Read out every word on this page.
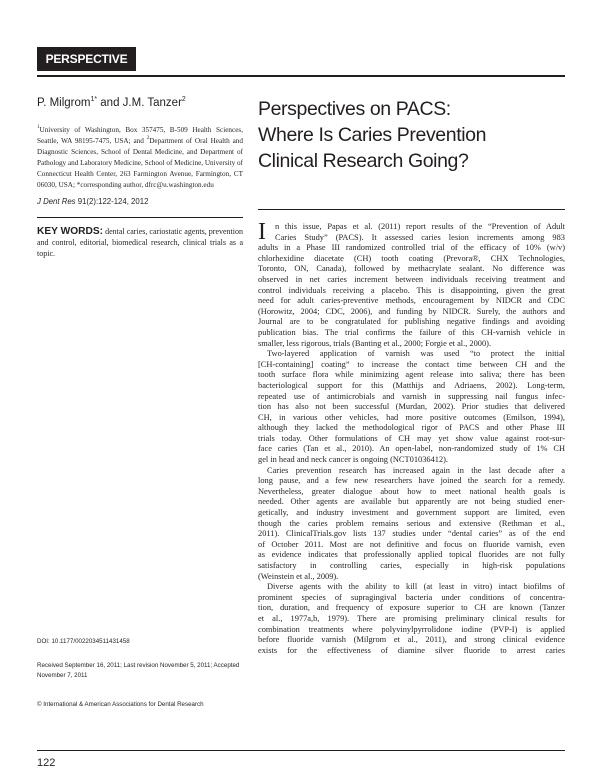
PERSPECTIVE
P. Milgrom$^{1*}$ and J.M. Tanzer$^2$
$^1$University of Washington, Box 357475, B-509 Health Sciences, Seattle, WA 98195-7475, USA; and $^2$Department of Oral Health and Diagnostic Sciences, School of Dental Medicine, and Department of Pathology and Laboratory Medicine, School of Medicine, University of Connecticut Health Center, 263 Farmington Avenue, Farmington, CT 06030, USA; *corresponding author, dfrc@u.washington.edu
J Dent Res 91(2):122-124, 2012
KEY WORDS: dental caries, cariostatic agents, prevention and control, editorial, biomedical research, clinical trials as a topic.
Perspectives on PACS:
Where Is Caries Prevention
Clinical Research Going?
I	n this issue, Papas et al. (2011) report results of the “Prevention of Adult
Caries Study” (PACS). It assessed caries lesion increments among 983
adults in a Phase III randomized controlled trial of the efficacy of 10% (w/v)
chlorhexidine diacetate (CH) tooth coating (Prevora®, CHX Technologies,
Toronto, ON, Canada), followed by methacrylate sealant. No difference was
observed in net caries increment between individuals receiving treatment and
control individuals receiving a placebo. This is disappointing, given the great
need for adult caries-preventive methods, encouragement by NIDCR and CDC
(Horowitz, 2004; CDC, 2006), and funding by NIDCR. Surely, the authors and
Journal are to be congratulated for publishing negative findings and avoiding
publication bias. The trial confirms the failure of this CH-varnish vehicle in
smaller, less rigorous, trials (Banting et al., 2000; Forgie et al., 2000).
Two-layered application of varnish was used “to protect the initial
[CH-containing] coating” to increase the contact time between CH and the
tooth surface flora while minimizing agent release into saliva; there has been
bacteriological support for this (Matthijs and Adriaens, 2002). Long-term,
repeated use of antimicrobials and varnish in suppressing nail fungus infec-
tion has also not been successful (Murdan, 2002). Prior studies that delivered
CH, in various other vehicles, had more positive outcomes (Emilson, 1994),
although they lacked the methodological rigor of PACS and other Phase III
trials today. Other formulations of CH may yet show value against root-sur-
face caries (Tan et al., 2010). An open-label, non-randomized study of 1% CH
gel in head and neck cancer is ongoing (NCT01036412).
Caries prevention research has increased again in the last decade after a
long pause, and a few new researchers have joined the search for a remedy.
Nevertheless, greater dialogue about how to meet national health goals is
needed. Other agents are available but apparently are not being studied ener-
getically, and industry investment and government support are limited, even
though the caries problem remains serious and extensive (Rethman et al.,
2011). ClinicalTrials.gov lists 137 studies under “dental caries” as of the end
of October 2011. Most are not definitive and focus on fluoride varnish, even
as evidence indicates that professionally applied topical fluorides are not fully
satisfactory in controlling caries, especially in high-risk populations
(Weinstein et al., 2009).
Diverse agents with the ability to kill (at least in vitro) intact biofilms of
prominent species of supragingival bacteria under conditions of concentra-
tion, duration, and frequency of exposure superior to CH are known (Tanzer
et al., 1977a,b, 1979). There are promising preliminary clinical results for
combination treatments where polyvinylpyrrolidone iodine (PVP-I) is applied
before fluoride varnish (Milgrom et al., 2011), and strong clinical evidence
exists for the effectiveness of diamine silver fluoride to arrest caries
DOI: 10.1177/0022034511431458
Received September 16, 2011; Last revision November 5, 2011; Accepted November 7, 2011
© International & American Associations for Dental Research
122
